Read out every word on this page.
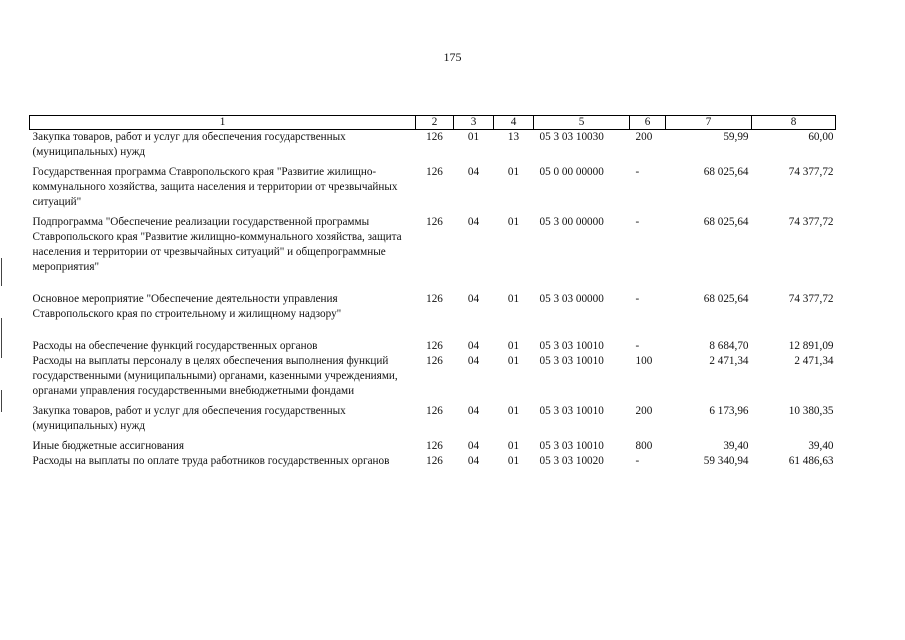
175
1	2	3	4	5	6	7	8
Закупка товаров, работ и услуг для обеспечения государственных (муниципальных) нужд	126	01	13	05 3 03 10030	200	59,99	60,00
Государственная программа Ставропольского края "Развитие жилищно-коммунального хозяйства, защита населения и территории от чрезвычайных ситуаций"	126	04	01	05 0 00 00000	-	68 025,64	74 377,72
Подпрограмма "Обеспечение реализации государственной программы Ставропольского края "Развитие жилищно-коммунального хозяйства, защита населения и территории от чрезвычайных ситуаций" и общепрограммные мероприятия"	126	04	01	05 3 00 00000	-	68 025,64	74 377,72
Основное мероприятие "Обеспечение деятельности управления Ставропольского края по строительному и жилищному надзору"	126	04	01	05 3 03 00000	-	68 025,64	74 377,72
Расходы на обеспечение функций государственных органов	126	04	01	05 3 03 10010	-	8 684,70	12 891,09
Расходы на выплаты персоналу в целях обеспечения выполнения функций государственными (муниципальными) органами, казенными учреждениями, органами управления государственными внебюджетными фондами	126	04	01	05 3 03 10010	100	2 471,34	2 471,34
Закупка товаров, работ и услуг для обеспечения государственных (муниципальных) нужд	126	04	01	05 3 03 10010	200	6 173,96	10 380,35
Иные бюджетные ассигнования	126	04	01	05 3 03 10010	800	39,40	39,40
Расходы на выплаты по оплате труда работников государственных органов	126	04	01	05 3 03 10020	-	59 340,94	61 486,63
